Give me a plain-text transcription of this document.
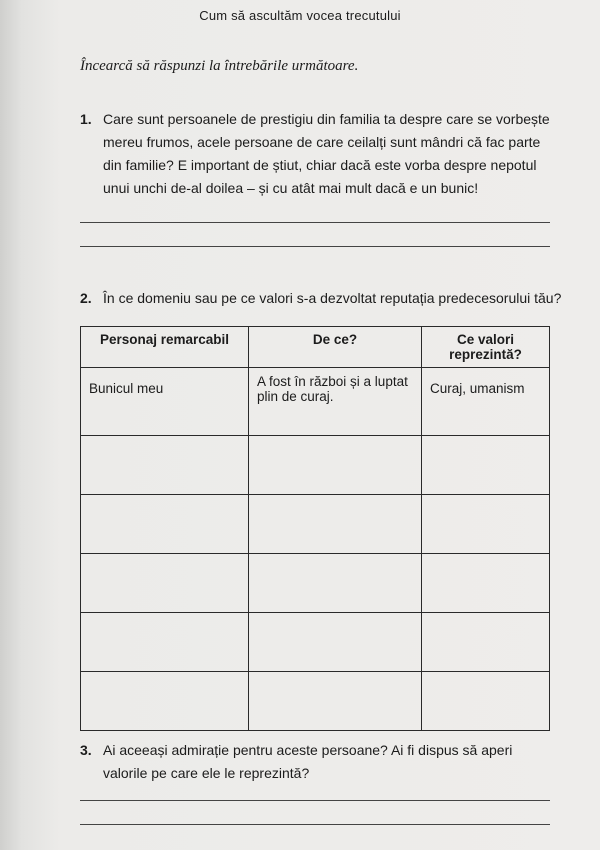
Cum să ascultăm vocea trecutului
Încearcă să răspunzi la întrebările următoare.
1. Care sunt persoanele de prestigiu din familia ta despre care se vorbește mereu frumos, acele persoane de care ceilalți sunt mândri că fac parte din familie? E important de știut, chiar dacă este vorba despre nepotul unui unchi de-al doilea – și cu atât mai mult dacă e un bunic!
2. În ce domeniu sau pe ce valori s-a dezvoltat reputația predecesorului tău?
Personaj remarcabil	De ce?	Ce valori reprezintă?
Bunicul meu	A fost în război și a luptat plin de curaj.	Curaj, umanism

3. Ai aceeași admirație pentru aceste persoane? Ai fi dispus să aperi valorile pe care ele le reprezintă?
